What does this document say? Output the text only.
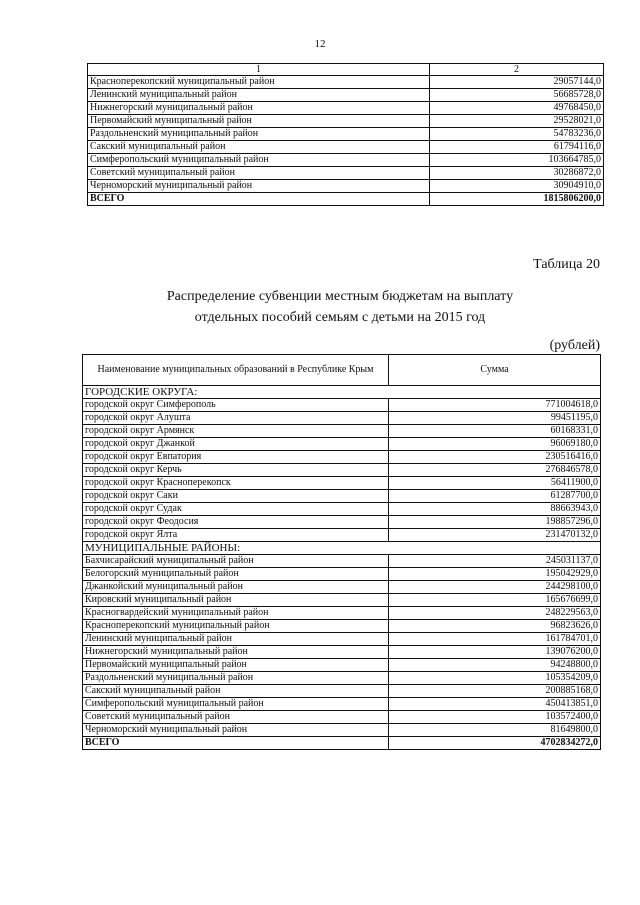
12
1	2
Красноперекопский муниципальный район	29057144,0
Ленинский муниципальный район	56685728,0
Нижнегорский муниципальный район	49768450,0
Первомайский муниципальный район	29528021,0
Раздольненский муниципальный район	54783236,0
Сакский муниципальный район	61794116,0
Симферопольский муниципальный район	103664785,0
Советский муниципальный район	30286872,0
Черноморский муниципальный район	30904910,0
ВСЕГО	1815806200,0
Таблица 20
Распределение субвенции местным бюджетам на выплату
отдельных пособий семьям с детьми на 2015 год
(рублей)
Наименование муниципальных образований в Республике Крым	Сумма
ГОРОДСКИЕ ОКРУГА:	
городской округ Симферополь	771004618,0
городской округ Алушта	99451195,0
городской округ Армянск	60168331,0
городской округ Джанкой	96069180,0
городской округ Евпатория	230516416,0
городской округ Керчь	276846578,0
городской округ Красноперекопск	56411900,0
городской округ Саки	61287700,0
городской округ Судак	88663943,0
городской округ Феодосия	198857296,0
городской округ Ялта	231470132,0
МУНИЦИПАЛЬНЫЕ РАЙОНЫ:	
Бахчисарайский муниципальный район	245031137,0
Белогорский муниципальный район	195042929,0
Джанкойский муниципальный район	244298100,0
Кировский муниципальный район	165676699,0
Красногвардейский муниципальный район	248229563,0
Красноперекопский муниципальный район	96823626,0
Ленинский муниципальный район	161784701,0
Нижнегорский муниципальный район	139076200,0
Первомайский муниципальный район	94248800,0
Раздольненский муниципальный район	105354209,0
Сакский муниципальный район	200885168,0
Симферопольский муниципальный район	450413851,0
Советский муниципальный район	103572400,0
Черноморский муниципальный район	81649800,0
ВСЕГО	4702834272,0
